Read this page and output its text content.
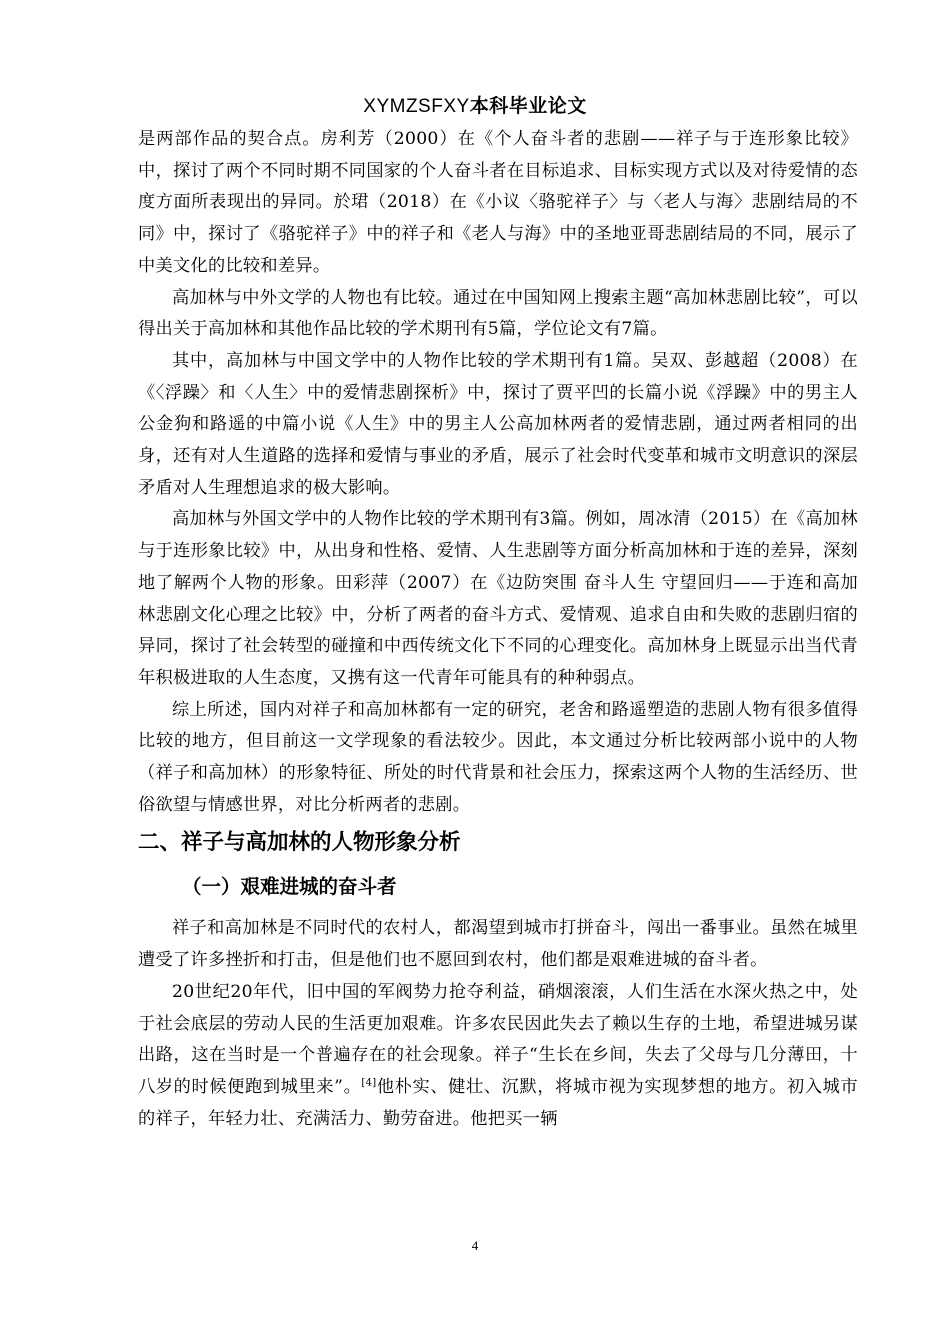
XYMZSFXY本科毕业论文

是两部作品的契合点。房利芳（2000）在《个人奋斗者的悲剧——祥子与于连形象比较》中，探讨了两个不同时期不同国家的个人奋斗者在目标追求、目标实现方式以及对待爱情的态度方面所表现出的异同。於珺（2018）在《小议〈骆驼祥子〉与〈老人与海〉悲剧结局的不同》中，探讨了《骆驼祥子》中的祥子和《老人与海》中的圣地亚哥悲剧结局的不同，展示了中美文化的比较和差异。

高加林与中外文学的人物也有比较。通过在中国知网上搜索主题“高加林悲剧比较”，可以得出关于高加林和其他作品比较的学术期刊有5篇，学位论文有7篇。

其中，高加林与中国文学中的人物作比较的学术期刊有1篇。吴双、彭越超（2008）在《〈浮躁〉和〈人生〉中的爱情悲剧探析》中，探讨了贾平凹的长篇小说《浮躁》中的男主人公金狗和路遥的中篇小说《人生》中的男主人公高加林两者的爱情悲剧，通过两者相同的出身，还有对人生道路的选择和爱情与事业的矛盾，展示了社会时代变革和城市文明意识的深层矛盾对人生理想追求的极大影响。

高加林与外国文学中的人物作比较的学术期刊有3篇。例如，周冰清（2015）在《高加林与于连形象比较》中，从出身和性格、爱情、人生悲剧等方面分析高加林和于连的差异，深刻地了解两个人物的形象。田彩萍（2007）在《边防突围 奋斗人生 守望回归——于连和高加林悲剧文化心理之比较》中，分析了两者的奋斗方式、爱情观、追求自由和失败的悲剧归宿的异同，探讨了社会转型的碰撞和中西传统文化下不同的心理变化。高加林身上既显示出当代青年积极进取的人生态度，又携有这一代青年可能具有的种种弱点。

综上所述，国内对祥子和高加林都有一定的研究，老舍和路遥塑造的悲剧人物有很多值得比较的地方，但目前这一文学现象的看法较少。因此，本文通过分析比较两部小说中的人物（祥子和高加林）的形象特征、所处的时代背景和社会压力，探索这两个人物的生活经历、世俗欲望与情感世界，对比分析两者的悲剧。

二、祥子与高加林的人物形象分析
（一）艰难进城的奋斗者

祥子和高加林是不同时代的农村人，都渴望到城市打拼奋斗，闯出一番事业。虽然在城里遭受了许多挫折和打击，但是他们也不愿回到农村，他们都是艰难进城的奋斗者。

20世纪20年代，旧中国的军阀势力抢夺利益，硝烟滚滚，人们生活在水深火热之中，处于社会底层的劳动人民的生活更加艰难。许多农民因此失去了赖以生存的土地，希望进城另谋出路，这在当时是一个普遍存在的社会现象。祥子“生长在乡间，失去了父母与几分薄田，十八岁的时候便跑到城里来”。[4]他朴实、健壮、沉默，将城市视为实现梦想的地方。初入城市的祥子，年轻力壮、充满活力、勤劳奋进。他把买一辆

4
